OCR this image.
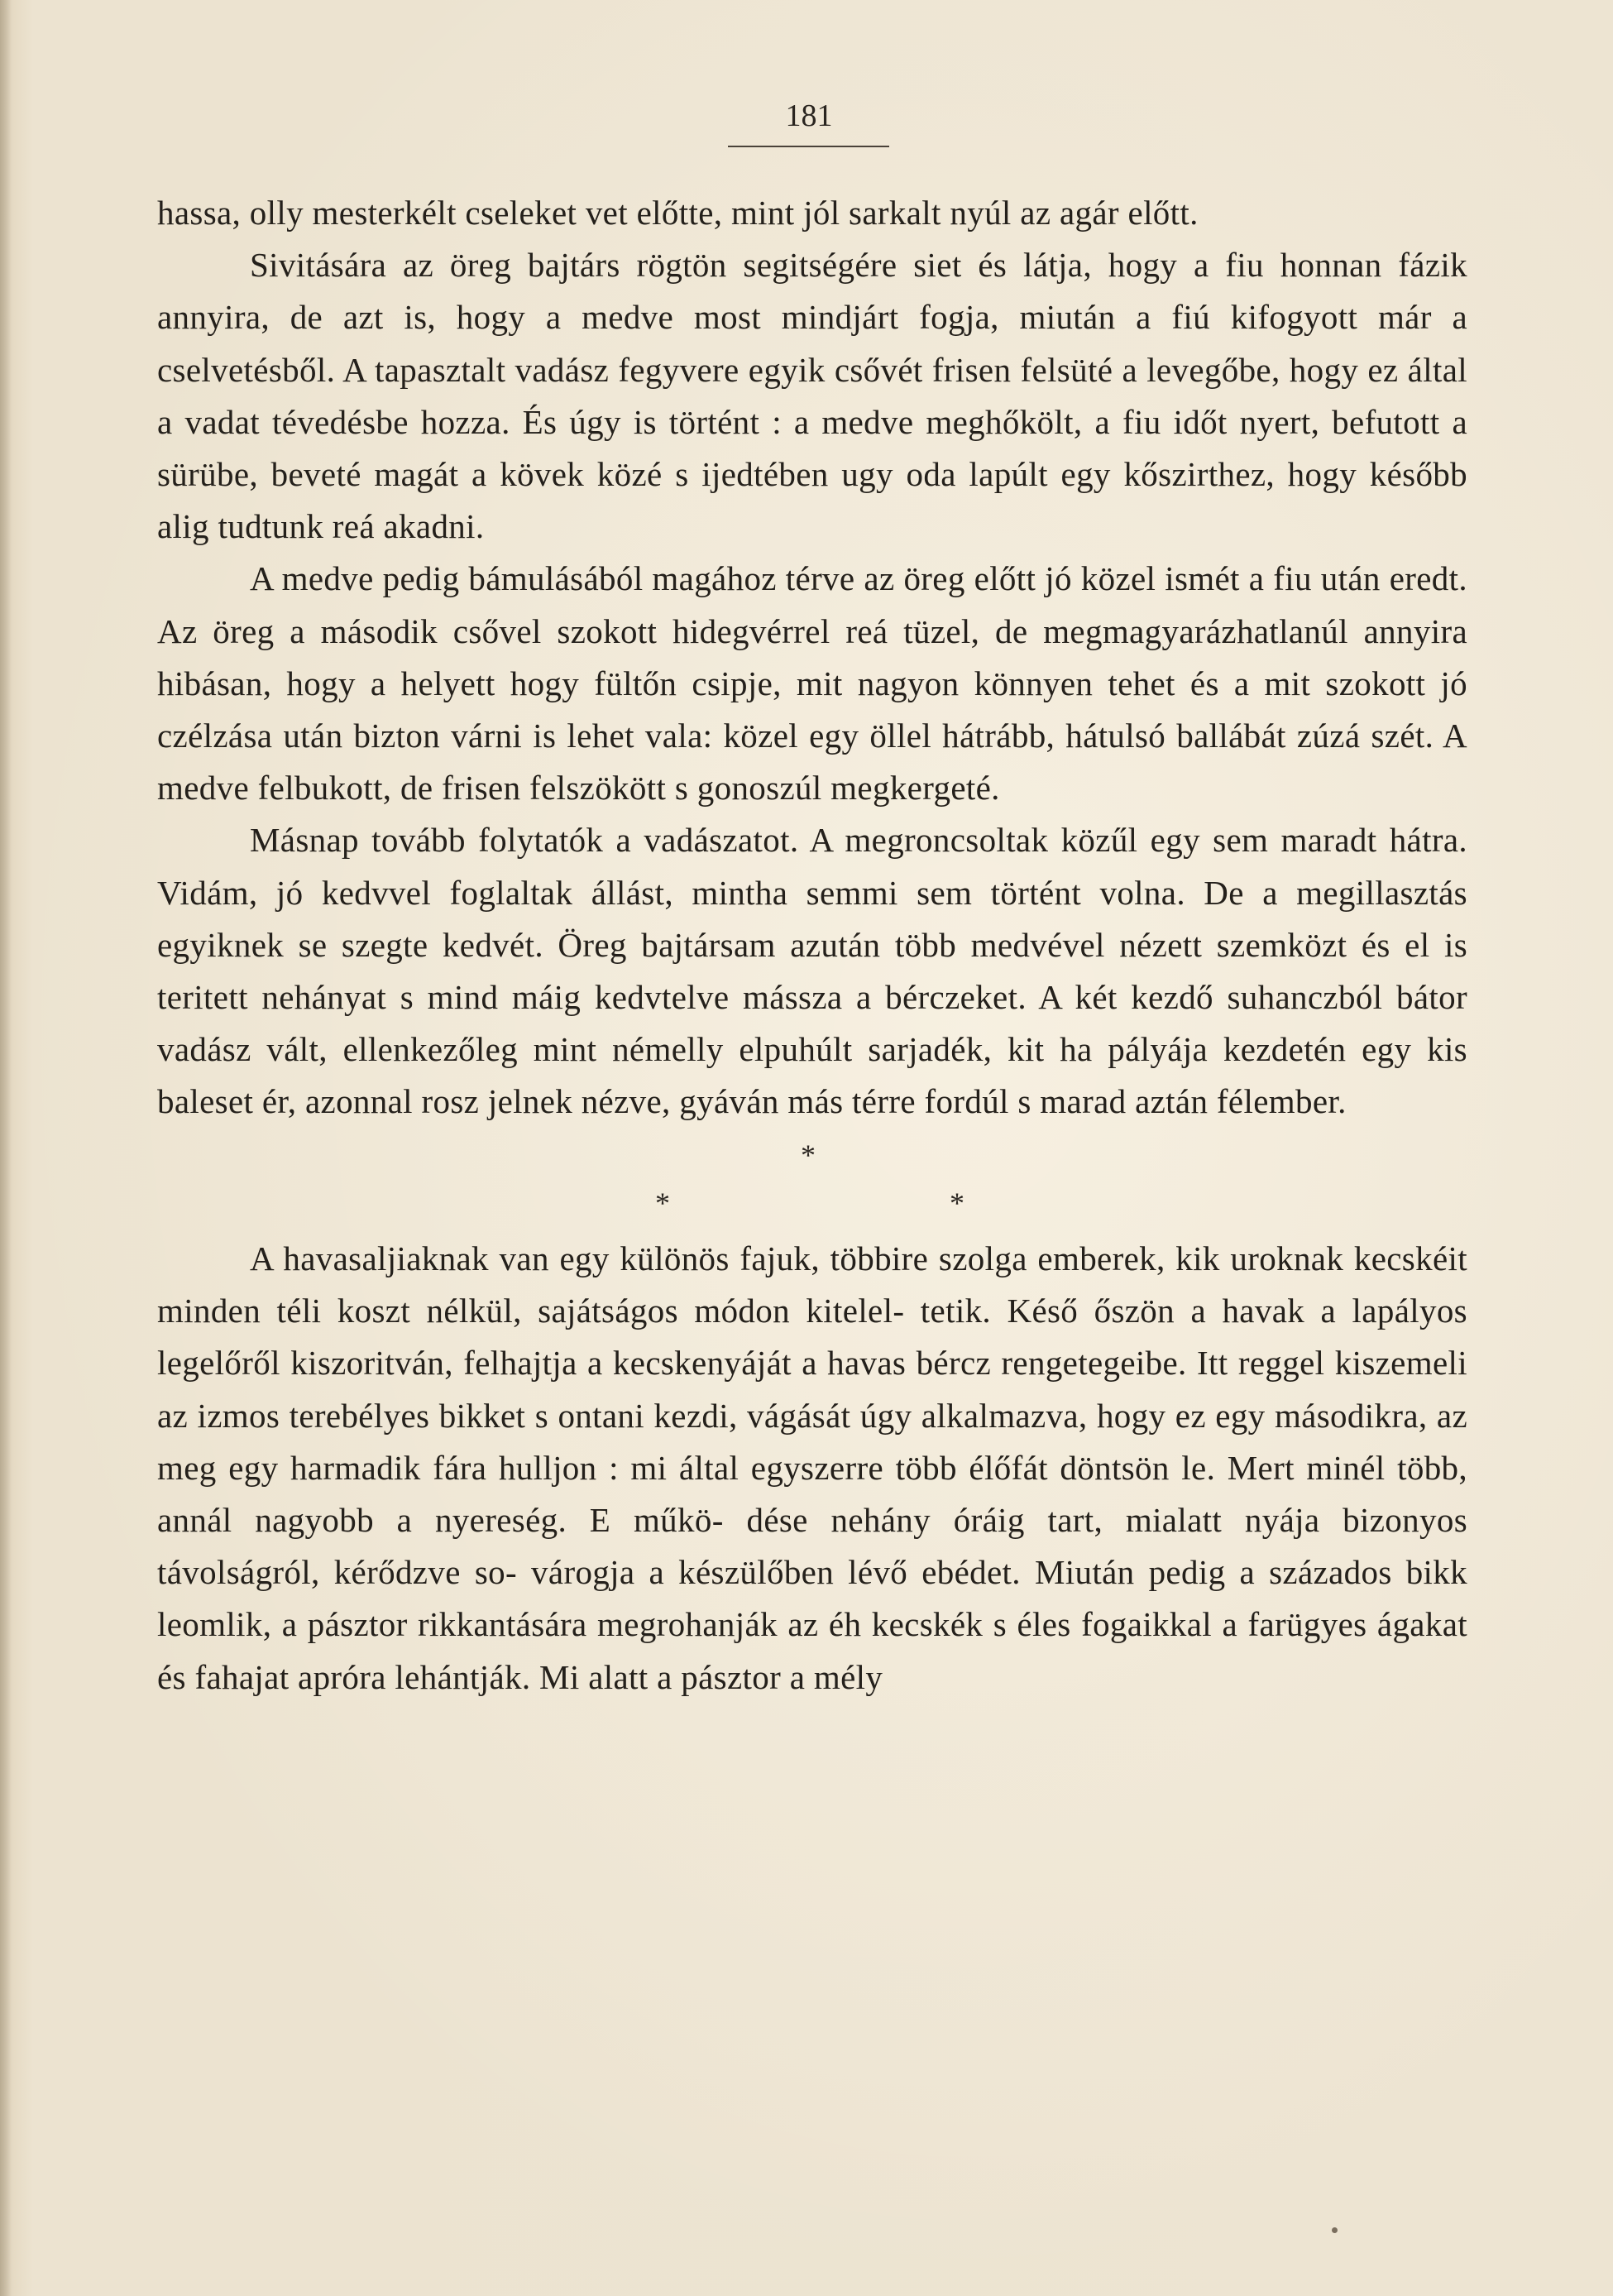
181

hassa, olly mesterkélt cseleket vet előtte, mint jól sarkalt nyúl az agár előtt.

Sivitására az öreg bajtárs rögtön segitségére siet és látja, hogy a fiu honnan fázik annyira, de azt is, hogy a medve most mindjárt fogja, miután a fiú kifogyott már a cselvetésből. A tapasztalt vadász fegyvere egyik csővét frisen felsüté a levegőbe, hogy ez által a vadat tévedésbe hozza. És úgy is történt : a medve meghőkölt, a fiu időt nyert, befutott a sürübe, beveté magát a kövek közé s ijedtében ugy oda lapúlt egy kőszirthez, hogy később alig tudtunk reá akadni.

A medve pedig bámulásából magához térve az öreg előtt jó közel ismét a fiu után eredt. Az öreg a második csővel szokott hidegvérrel reá tüzel, de megmagyarázhatlanúl annyira hibásan, hogy a helyett hogy fültőn csipje, mit nagyon könnyen tehet és a mit szokott jó czélzása után bizton várni is lehet vala: közel egy öllel hátrább, hátulsó ballábát zúzá szét. A medve felbukott, de frisen felszökött s gonoszúl megkergeté.

Másnap tovább folytatók a vadászatot. A megroncsoltak közűl egy sem maradt hátra. Vidám, jó kedvvel foglaltak állást, mintha semmi sem történt volna. De a megillasztás egyiknek se szegte kedvét. Öreg bajtársam azután több medvével nézett szemközt és el is teritett nehányat s mind máig kedvtelve mássza a bérczeket. A két kezdő suhanczból bátor vadász vált, ellenkezőleg mint némelly elpuhúlt sarjadék, kit ha pályája kezdetén egy kis baleset ér, azonnal rosz jelnek nézve, gyáván más térre fordúl s marad aztán félember.

*
*	*

A havasaljiaknak van egy különös fajuk, többire szolga emberek, kik uroknak kecskéit minden téli koszt nélkül, sajátságos módon kitelel- tetik. Késő őszön a havak a lapályos legelőről kiszoritván, felhajtja a kecskenyáját a havas bércz rengetegeibe. Itt reggel kiszemeli az izmos terebélyes bikket s ontani kezdi, vágását úgy alkalmazva, hogy ez egy másodikra, az meg egy harmadik fára hulljon : mi által egyszerre több élőfát döntsön le. Mert minél több, annál nagyobb a nyereség. E műkö- dése nehány óráig tart, mialatt nyája bizonyos távolságról, kérődzve so- várogja a készülőben lévő ebédet. Miután pedig a százados bikk leomlik, a pásztor rikkantására megrohanják az éh kecskék s éles fogaikkal a farügyes ágakat és fahajat apróra lehántják. Mi alatt a pásztor a mély
